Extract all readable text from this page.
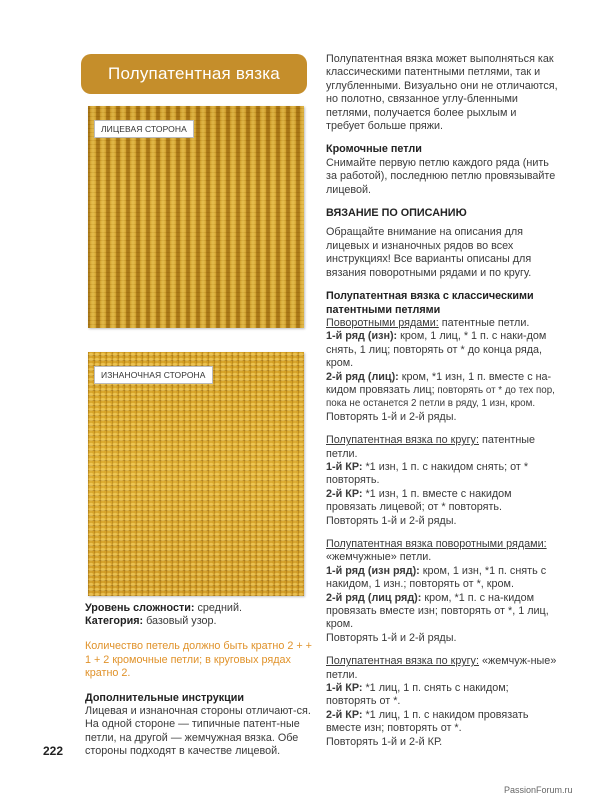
Полупатентная вязка
ЛИЦЕВАЯ СТОРОНА
ИЗНАНОЧНАЯ СТОРОНА

Уровень сложности: средний.

Категория: базовый узор.

Количество петель должно быть кратно 2 + + 1 + 2 кромочные петли; в круговых рядах кратно 2.

Дополнительные инструкции

Лицевая и изнаночная стороны отличают-ся. На одной стороне — типичные патент-ные петли, на другой — жемчужная вязка. Обе стороны подходят в качестве лицевой.

222
PassionForum.ru

Полупатентная вязка может выполняться как классическими патентными петлями, так и углубленными. Визуально они не отличаются, но полотно, связанное углу-бленными петлями, получается более рыхлым и требует больше пряжи.

Кромочные петли

Снимайте первую петлю каждого ряда (нить за работой), последнюю петлю провязывайте лицевой.

ВЯЗАНИЕ ПО ОПИСАНИЮ

Обращайте внимание на описания для лицевых и изнаночных рядов во всех инструкциях! Все варианты описаны для вязания поворотными рядами и по кругу.

Полупатентная вязка с классическими патентными петлями

Поворотными рядами: патентные петли.

1-й ряд (изн): кром, 1 лиц, * 1 п. с наки-дом снять, 1 лиц; повторять от * до конца ряда, кром.

2-й ряд (лиц): кром, *1 изн, 1 п. вместе с на-кидом провязать лиц; повторять от * до тех пор, пока не останется 2 петли в ряду, 1 изн, кром.

Повторять 1-й и 2-й ряды.

Полупатентная вязка по кругу: патентные петли.

1-й КР: *1 изн, 1 п. с накидом снять; от * повторять.

2-й КР: *1 изн, 1 п. вместе с накидом провязать лицевой; от * повторять.

Повторять 1-й и 2-й ряды.

Полупатентная вязка поворотными рядами: «жемчужные» петли.

1-й ряд (изн ряд): кром, 1 изн, *1 п. снять с накидом, 1 изн.; повторять от *, кром.

2-й ряд (лиц ряд): кром, *1 п. с на-кидом провязать вместе изн; повторять от *, 1 лиц, кром.

Повторять 1-й и 2-й ряды.

Полупатентная вязка по кругу: «жемчуж-ные» петли.

1-й КР: *1 лиц, 1 п. снять с накидом; повторять от *.

2-й КР: *1 лиц, 1 п. с накидом провязать вместе изн; повторять от *.

Повторять 1-й и 2-й КР.
